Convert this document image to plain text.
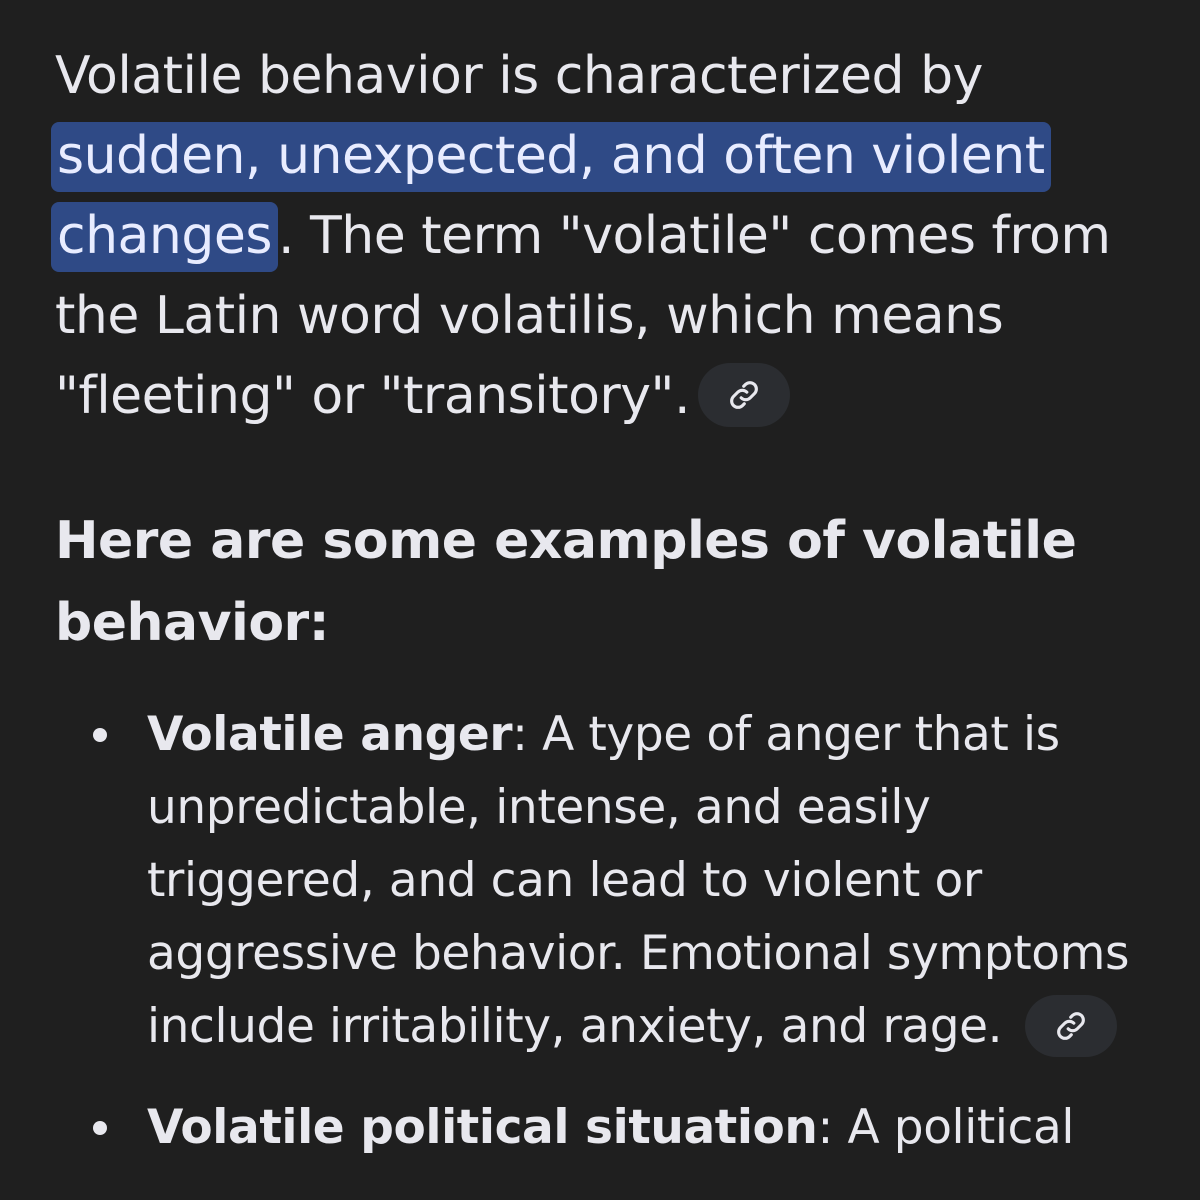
Volatile behavior is characterized by sudden, unexpected, and often violent changes . The term "volatile" comes from the Latin word volatilis, which means "fleeting" or "transitory".

Here are some examples of volatile behavior:
Volatile anger: A type of anger that is unpredictable, intense, and easily triggered, and can lead to violent or aggressive behavior. Emotional symptoms include irritability, anxiety, and rage.
Volatile political situation: A political
